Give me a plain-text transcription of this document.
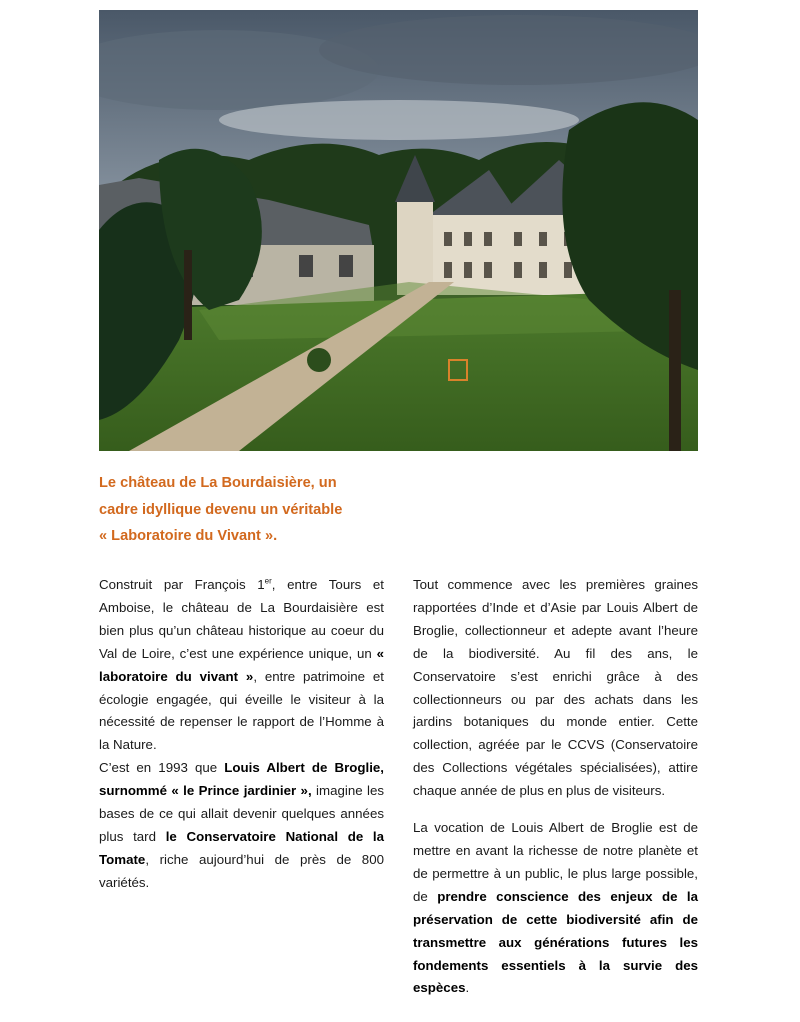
Le château de La Bourdaisière, un
cadre idyllique devenu un véritable
« Laboratoire du Vivant ».

Construit par François 1er, entre Tours et Amboise, le château de La Bourdaisière est bien plus qu’un château historique au coeur du Val de Loire, c’est une expérience unique, un « laboratoire du vivant », entre patrimoine et écologie engagée, qui éveille le visiteur à la nécessité de repenser le rapport de l’Homme à la Nature.

C’est en 1993 que Louis Albert de Broglie, surnommé « le Prince jardinier », imagine les bases de ce qui allait devenir quelques années plus tard le Conservatoire National de la Tomate, riche aujourd’hui de près de 800 variétés.

Tout commence avec les premières graines rapportées d’Inde et d’Asie par Louis Albert de Broglie, collectionneur et adepte avant l’heure de la biodiversité. Au fil des ans, le Conservatoire s’est enrichi grâce à des collectionneurs ou par des achats dans les jardins botaniques du monde entier. Cette collection, agréée par le CCVS (Conservatoire des Collections végétales spécialisées), attire chaque année de plus en plus de visiteurs.

La vocation de Louis Albert de Broglie est de mettre en avant la richesse de notre planète et de permettre à un public, le plus large possible, de prendre conscience des enjeux de la préservation de cette biodiversité afin de transmettre aux générations futures les fondements essentiels à la survie des espèces.
